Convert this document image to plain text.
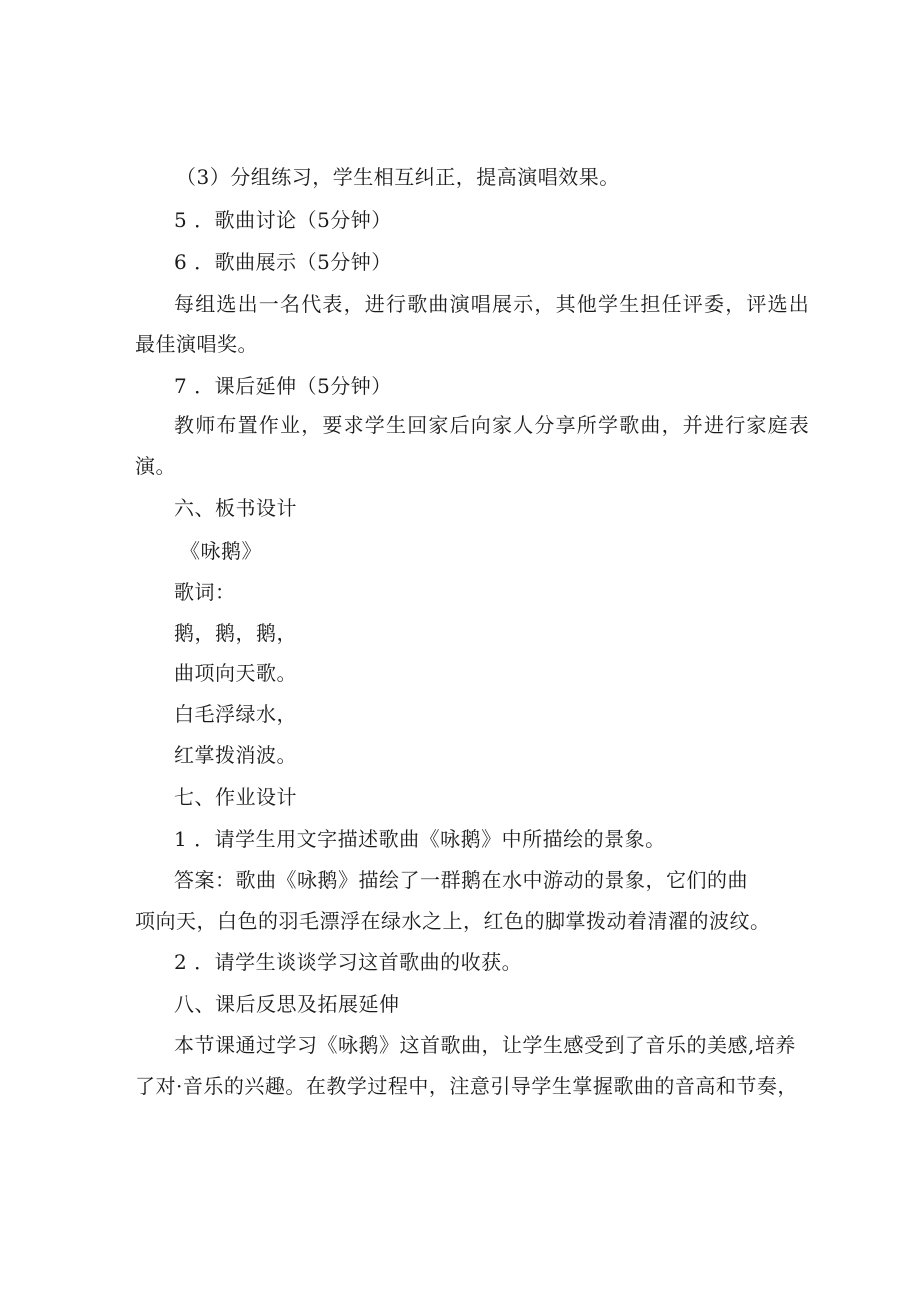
（3）分组练习，学生相互纠正，提高演唱效果。
5 ．歌曲讨论（5分钟）
6 ．歌曲展示（5分钟）
每组选出一名代表，进行歌曲演唱展示，其他学生担任评委，评选出
最佳演唱奖。
7 ．课后延伸（5分钟）
教师布置作业，要求学生回家后向家人分享所学歌曲，并进行家庭表
演。
六、板书设计
《咏鹅》
歌词：
鹅，鹅，鹅，
曲项向天歌。
白毛浮绿水，
红掌拨消波。
七、作业设计
1 ．请学生用文字描述歌曲《咏鹅》中所描绘的景象。
答案：歌曲《咏鹅》描绘了一群鹅在水中游动的景象，它们的曲
项向天，白色的羽毛漂浮在绿水之上，红色的脚掌拨动着清濯的波纹。
2 ．请学生谈谈学习这首歌曲的收获。
八、课后反思及拓展延伸
本节课通过学习《咏鹅》这首歌曲，让学生感受到了音乐的美感,培养
了对·音乐的兴趣。在教学过程中，注意引导学生掌握歌曲的音高和节奏，
